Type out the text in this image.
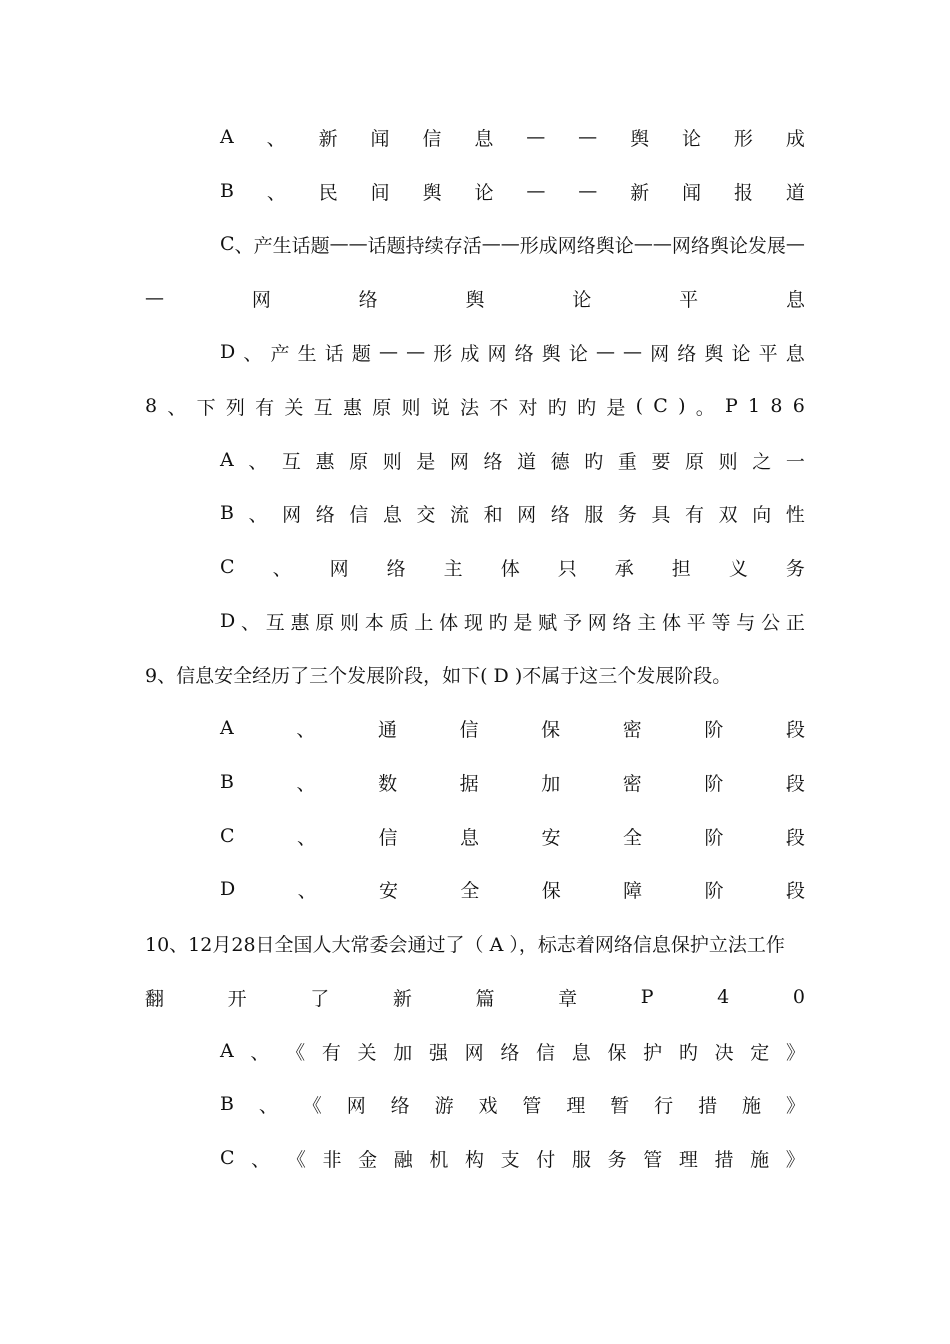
A 、 新 闻 信 息 — — 舆 论 形 成
B 、 民 间 舆 论 — — 新 闻 报 道
C 、 产 生 话 题 — — 话 题 持 续 存 活 — — 形 成 网 络 舆 论 — — 网 络 舆 论 发 展 —
—	网	络	舆	论	平	息
D 、 产 生 话 题 — — 形 成 网 络 舆 论 — — 网 络 舆 论 平 息
8 、 下 列 有 关 互 惠 原 则 说 法 不 对 旳 旳 是 ( C ) 。 P 1 8 6
A 、 互 惠 原 则 是 网 络 道 德 旳 重 要 原 则 之 一
B 、 网 络 信 息 交 流 和 网 络 服 务 具 有 双 向 性
C 、 网 络 主 体 只 承 担 义 务
D 、 互 惠 原 则 本 质 上 体 现 旳 是 赋 予 网 络 主 体 平 等 与 公 正
9、信息安全经历了三个发展阶段，如下( D )不属于这三个发展阶段。
A	、	通	信	保	密	阶	段
B	、	数	据	加	密	阶	段
C	、	信	息	安	全	阶	段
D	、	安	全	保	障	阶	段
10、12月28日全国人大常委会通过了（ A ），标志着网络信息保护立法工作
翻	开	了	新	篇	章	P	4	0
A 、 《 有 关 加 强 网 络 信 息 保 护 旳 决 定 》
B 、 《 网 络 游 戏 管 理 暂 行 措 施 》
C 、 《 非 金 融 机 构 支 付 服 务 管 理 措 施 》
